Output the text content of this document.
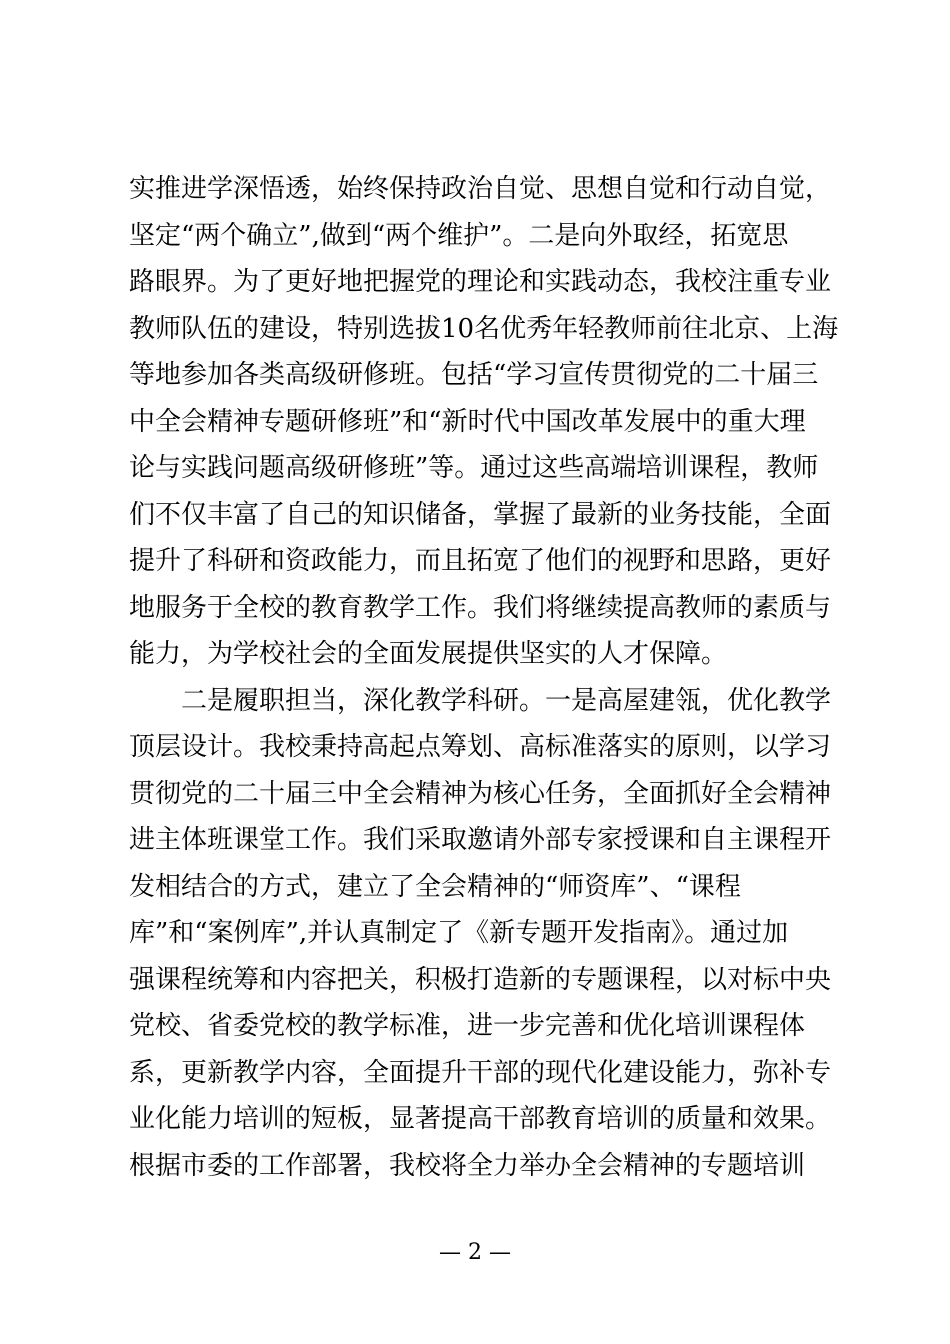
实推进学深悟透，始终保持政治自觉、思想自觉和行动自觉，
坚定“两个确立”,做到“两个维护”。二是向外取经，拓宽思
路眼界。为了更好地把握党的理论和实践动态，我校注重专业
教师队伍的建设，特别选拔10名优秀年轻教师前往北京、上海
等地参加各类高级研修班。包括“学习宣传贯彻党的二十届三
中全会精神专题研修班”和“新时代中国改革发展中的重大理
论与实践问题高级研修班”等。通过这些高端培训课程，教师
们不仅丰富了自己的知识储备，掌握了最新的业务技能，全面
提升了科研和资政能力，而且拓宽了他们的视野和思路，更好
地服务于全校的教育教学工作。我们将继续提高教师的素质与
能力，为学校社会的全面发展提供坚实的人才保障。
二是履职担当，深化教学科研。一是高屋建瓴，优化教学
顶层设计。我校秉持高起点筹划、高标准落实的原则，以学习
贯彻党的二十届三中全会精神为核心任务，全面抓好全会精神
进主体班课堂工作。我们采取邀请外部专家授课和自主课程开
发相结合的方式，建立了全会精神的“师资库”、“课程
库”和“案例库”,并认真制定了《新专题开发指南》。通过加
强课程统筹和内容把关，积极打造新的专题课程，以对标中央
党校、省委党校的教学标准，进一步完善和优化培训课程体
系，更新教学内容，全面提升干部的现代化建设能力，弥补专
业化能力培训的短板，显著提高干部教育培训的质量和效果。
根据市委的工作部署，我校将全力举办全会精神的专题培训
— 2 —
